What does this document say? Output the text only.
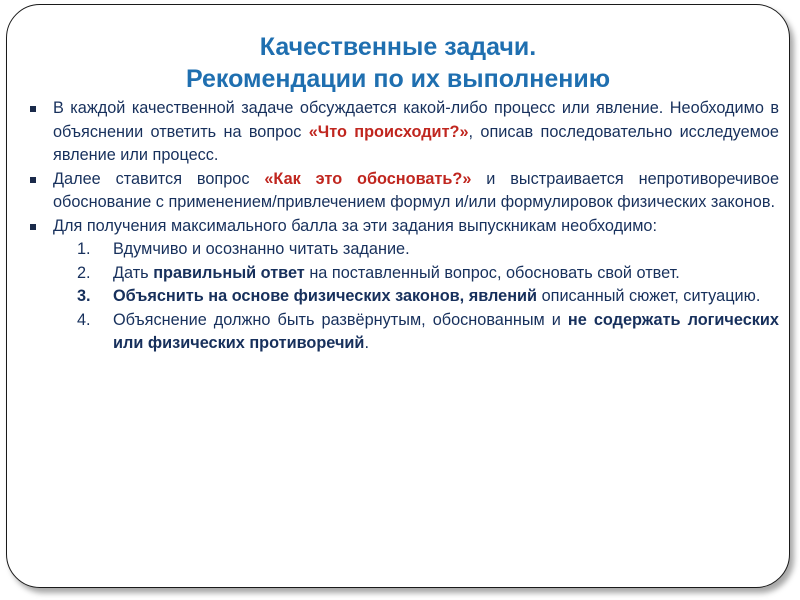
Качественные задачи.
Рекомендации по их выполнению
В каждой качественной задаче обсуждается какой-либо процесс или явление. Необходимо в объяснении ответить на вопрос «Что происходит?», описав последовательно исследуемое явление или процесс.
Далее ставится вопрос «Как это обосновать?» и выстраивается непротиворечивое обоснование с применением/привлечением формул и/или формулировок физических законов.
Для получения максимального балла за эти задания выпускникам необходимо:
1. Вдумчиво и осознанно читать задание.
2. Дать правильный ответ на поставленный вопрос, обосновать свой ответ.
3. Объяснить на основе физических законов, явлений описанный сюжет, ситуацию.
4. Объяснение должно быть развёрнутым, обоснованным и не содержать логических или физических противоречий.
